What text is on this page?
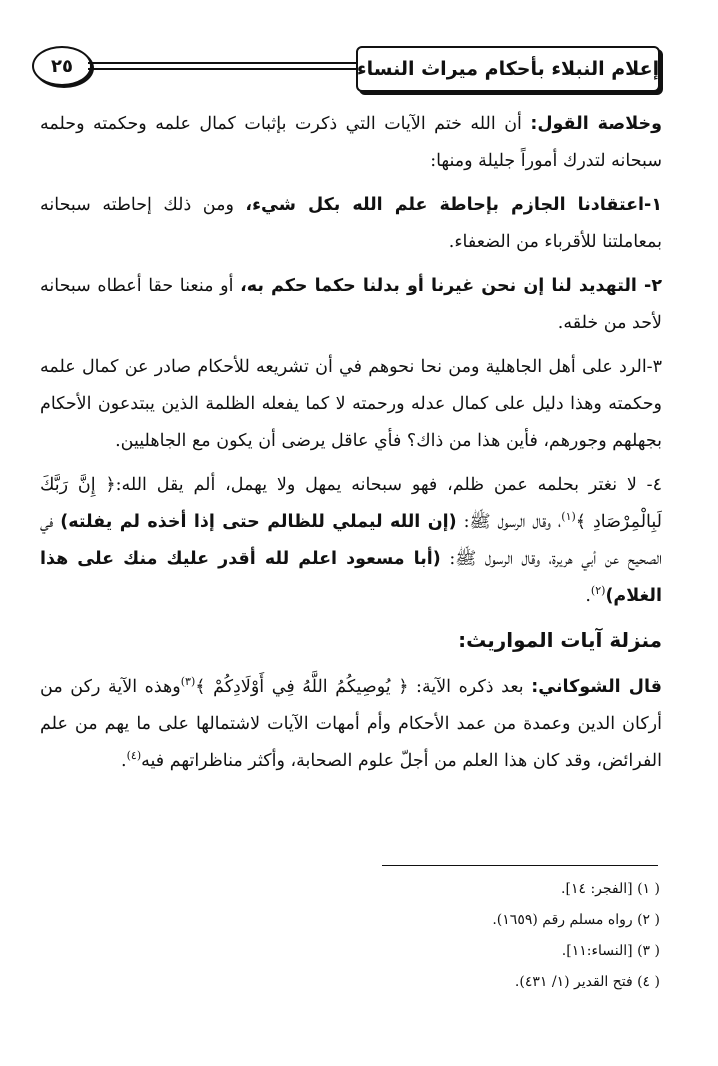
٢٥	إعلام النبلاء بأحكام ميراث النساء

وخلاصة القول: أن الله ختم الآيات التي ذكرت بإثبات كمال علمه وحكمته وحلمه سبحانه لتدرك أموراً جليلة ومنها:

١-اعتقادنا الجازم بإحاطة علم الله بكل شيء، ومن ذلك إحاطته سبحانه بمعاملتنا للأقرباء من الضعفاء.

٢- التهديد لنا إن نحن غيرنا أو بدلنا حكما حكم به، أو منعنا حقا أعطاه سبحانه لأحد من خلقه.

٣-الرد على أهل الجاهلية ومن نحا نحوهم في أن تشريعه للأحكام صادر عن كمال علمه وحكمته وهذا دليل على كمال عدله ورحمته لا كما يفعله الظلمة الذين يبتدعون الأحكام بجهلهم وجورهم، فأين هذا من ذاك؟ فأي عاقل يرضى أن يكون مع الجاهليين.

٤- لا نغتر بحلمه عمن ظلم، فهو سبحانه يمهل ولا يهمل، ألم يقل الله:﴿ إِنَّ رَبَّكَ لَبِالْمِرْصَادِ ﴾$^{(١)}$، وقال الرسول ﷺ: (إن الله ليملي للظالم حتى إذا أخذه لم يفلته) في الصحيح عن أبي هريرة، وقال الرسول ﷺ: (أبا مسعود اعلم لله أقدر عليك منك على هذا الغلام)$^{(٢)}$.

منزلة آيات المواريث:

قال الشوكاني: بعد ذكره الآية: ﴿ يُوصِيكُمُ اللَّهُ فِي أَوْلَادِكُمْ ﴾$^{(٣)}$وهذه الآية ركن من أركان الدين وعمدة من عمد الأحكام وأم أمهات الآيات لاشتمالها على ما يهم من علم الفرائض، وقد كان هذا العلم من أجلّ علوم الصحابة، وأكثر مناظراتهم فيه$^{(٤)}$.

( ١) [الفجر: ١٤].
( ٢) رواه مسلم رقم (١٦٥٩).
( ٣) [النساء:١١].
( ٤) فتح القدير (١/ ٤٣١).
